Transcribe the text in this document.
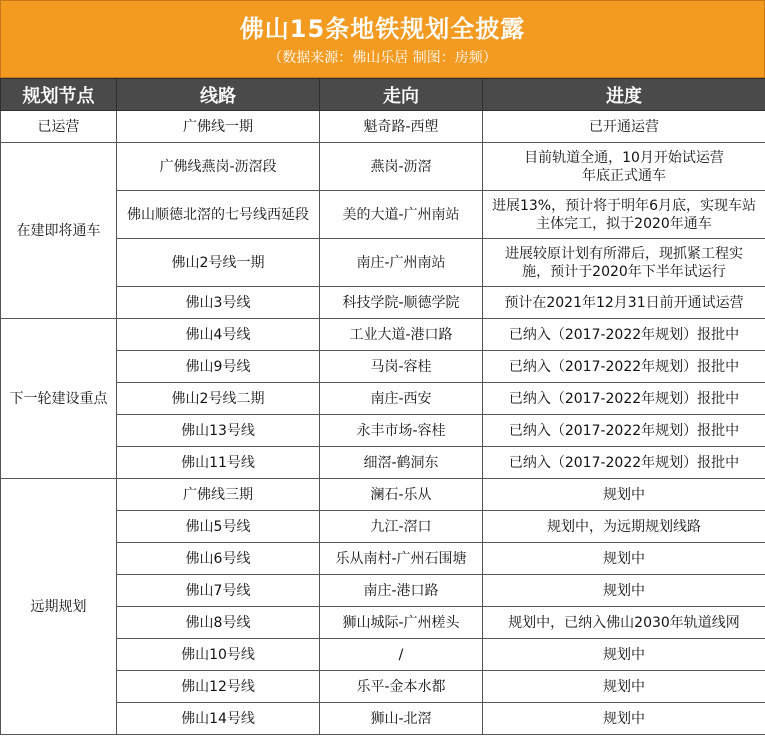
佛山15条地铁规划全披露
（数据来源：佛山乐居 制图：房频）
规划节点	线路	走向	进度
已运营	广佛线一期	魁奇路-西塱	已开通运营
在建即将通车	广佛线燕岗-沥滘段	燕岗-沥滘	目前轨道全通，10月开始试运营
年底正式通车

	佛山顺德北滘的七号线西延段	美的大道-广州南站	进展13%，预计将于明年6月底，实现车站
主体完工，拟于2020年通车

	佛山2号线一期	南庄-广州南站	进展较原计划有所滞后，现抓紧工程实
施，预计于2020年下半年试运行

	佛山3号线	科技学院-顺德学院	预计在2021年12月31日前开通试运营
下一轮建设重点	佛山4号线	工业大道-港口路	已纳入（2017-2022年规划）报批中
	佛山9号线	马岗-容桂	已纳入（2017-2022年规划）报批中
	佛山2号线二期	南庄-西安	已纳入（2017-2022年规划）报批中
	佛山13号线	永丰市场-容桂	已纳入（2017-2022年规划）报批中
	佛山11号线	细滘-鹤洞东	已纳入（2017-2022年规划）报批中
远期规划	广佛线三期	澜石-乐从	规划中
	佛山5号线	九江-滘口	规划中，为远期规划线路
	佛山6号线	乐从南村-广州石围塘	规划中
	佛山7号线	南庄-港口路	规划中
	佛山8号线	狮山城际-广州槎头	规划中，已纳入佛山2030年轨道线网
	佛山10号线	/	规划中
	佛山12号线	乐平-金本水都	规划中
	佛山14号线	狮山-北滘	规划中
